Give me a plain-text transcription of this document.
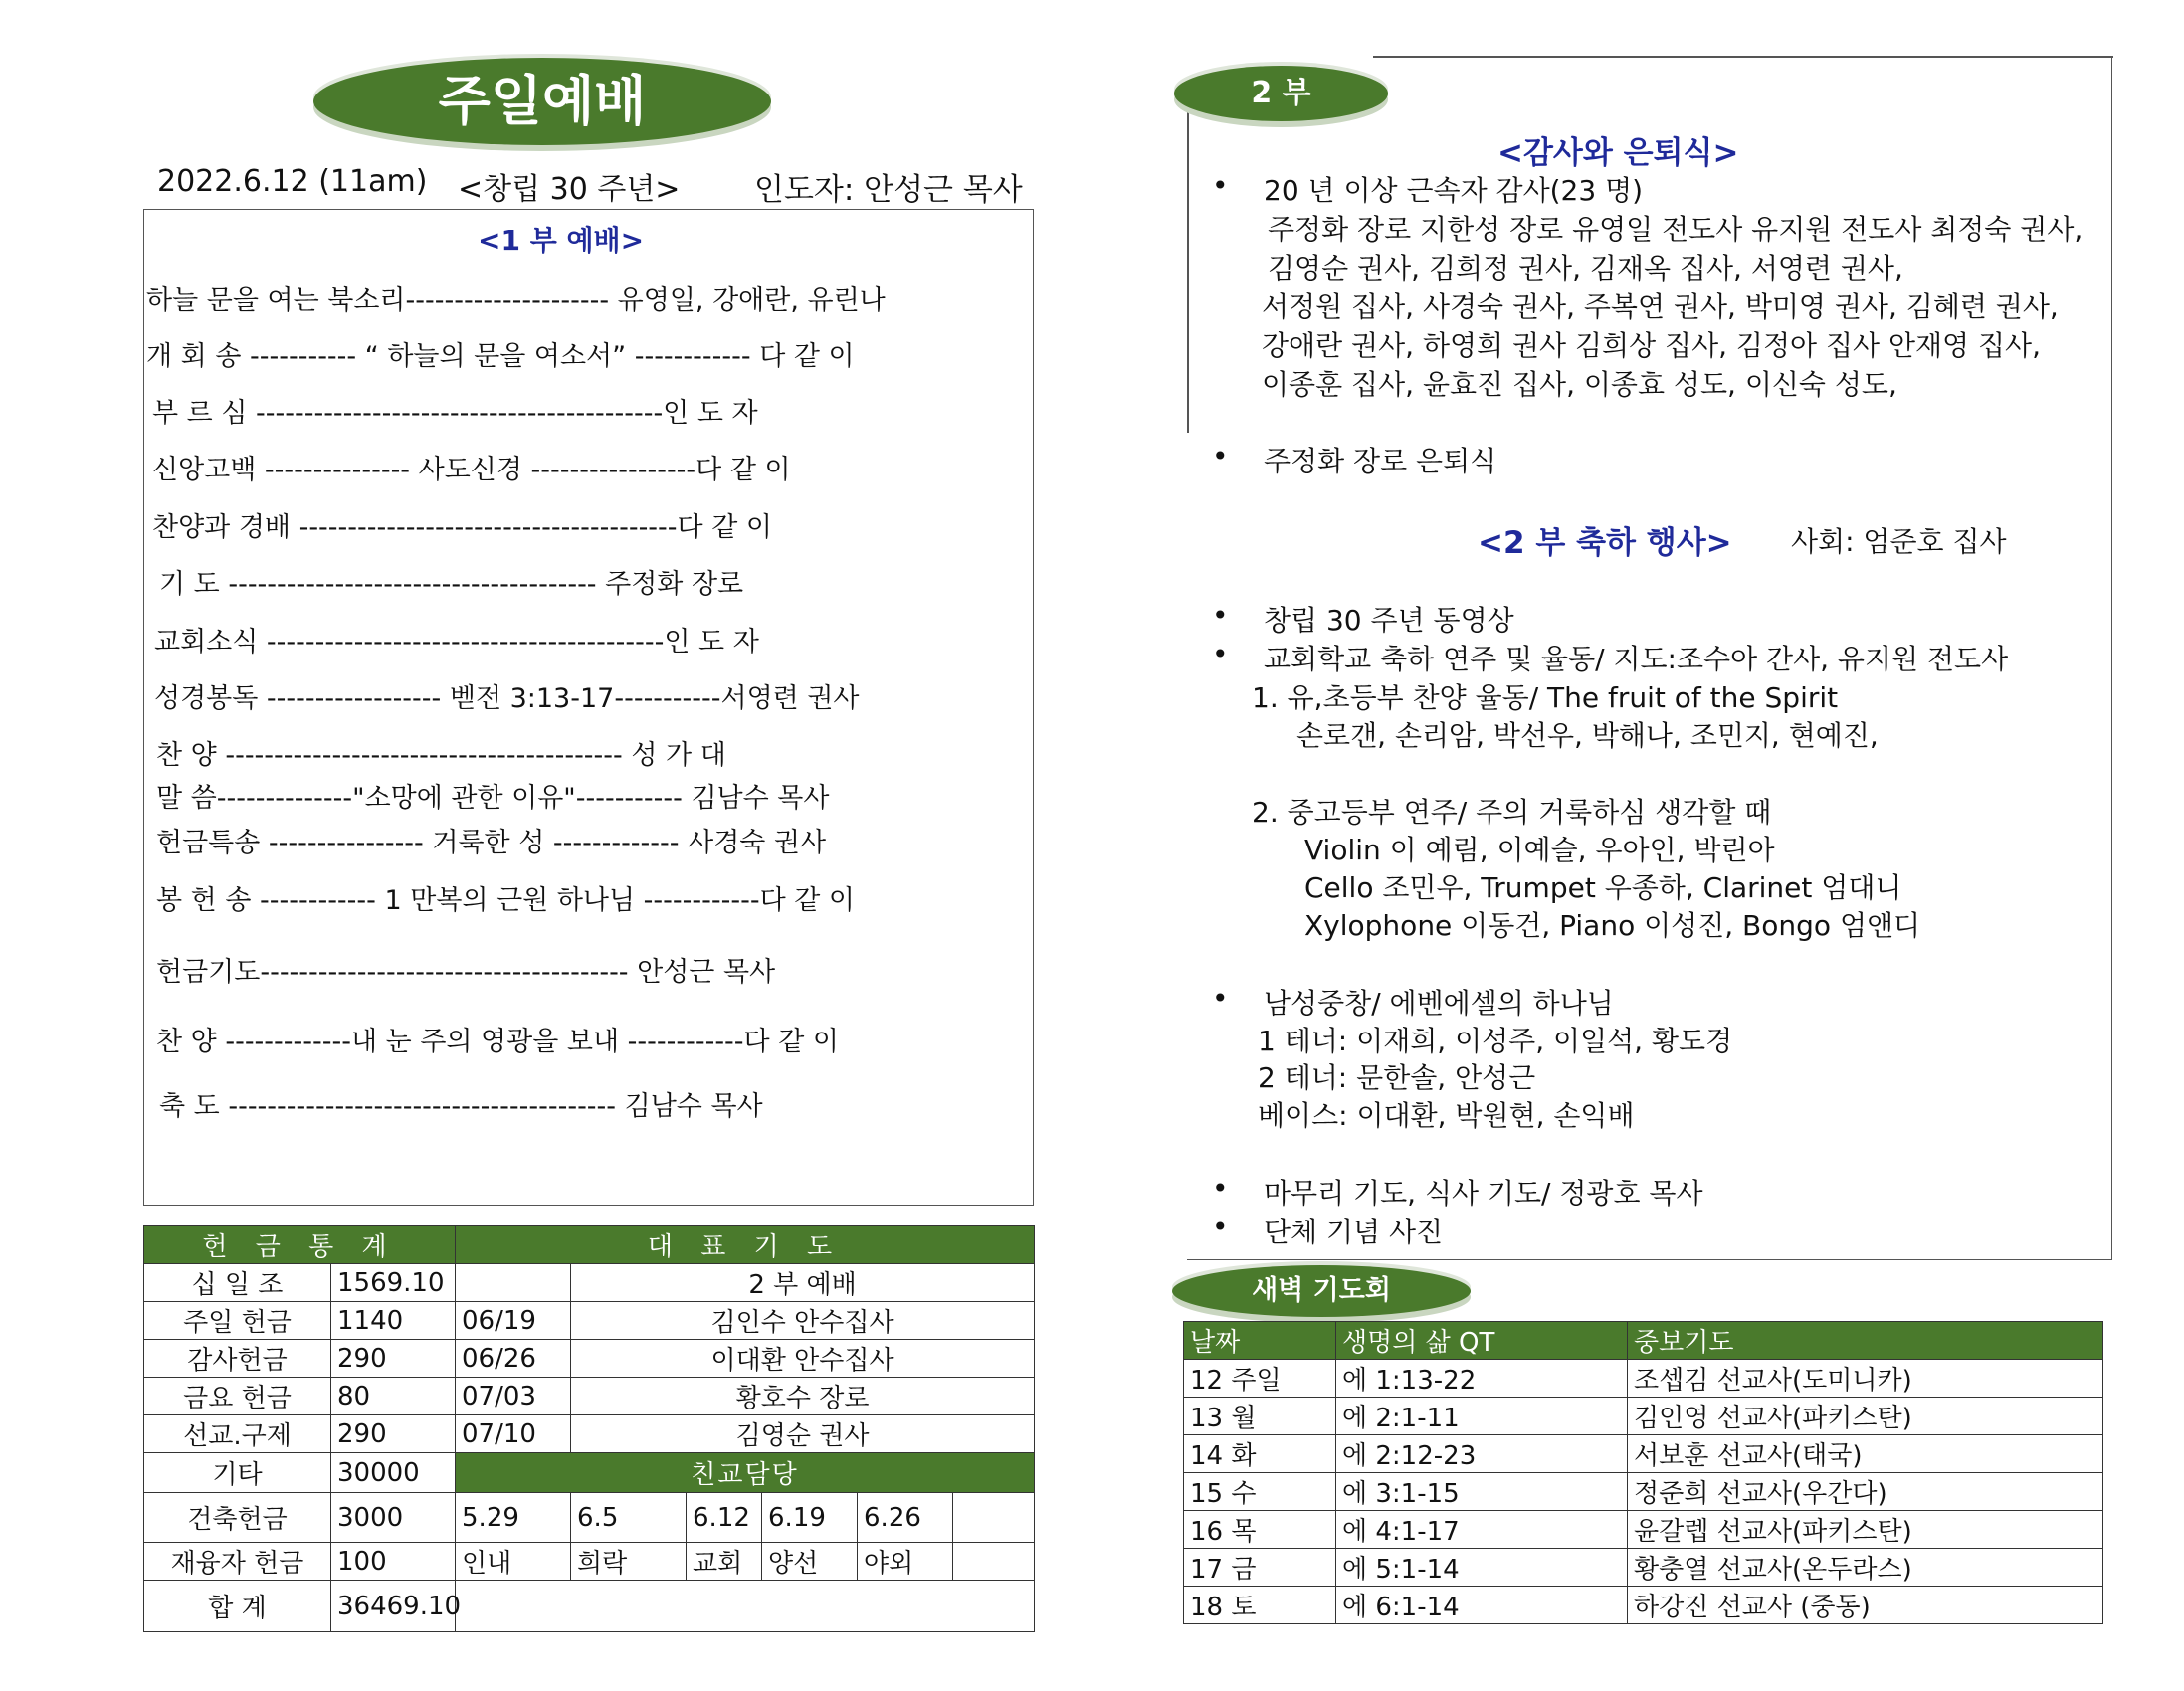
주일예배
2022.6.12 (11am) <창립 30 주년> 인도자: 안성근 목사
<1 부 예배>
하늘 문을 여는 북소리--------------------- 유영일, 강애란, 유린나
개 회 송 ----------- “ 하늘의 문을 여소서” ------------ 다 같 이
부 르 심 ------------------------------------------인 도 자
신앙고백 --------------- 사도신경 -----------------다 같 이
찬양과 경배 ---------------------------------------다 같 이
기 도 -------------------------------------- 주정화 장로
교회소식 -----------------------------------------인 도 자
성경봉독 ------------------ 벧전 3:13-17-----------서영련 권사
찬 양 ----------------------------------------- 성 가 대
말 씀--------------"소망에 관한 이유"----------- 김남수 목사
헌금특송 ---------------- 거룩한 성 ------------- 사경숙 권사
봉 헌 송 ------------ 1 만복의 근원 하나님 ------------다 같 이
헌금기도-------------------------------------- 안성근 목사
찬 양 -------------내 눈 주의 영광을 보내 ------------다 같 이
축 도 ---------------------------------------- 김남수 목사
헌 금 통 계		대 표 기 도					
십 일 조	1569.10		2 부 예배				
주일 헌금	1140	06/19	김인수 안수집사				
감사헌금	290	06/26	이대환 안수집사				
금요 헌금	80	07/03	황호수 장로				
선교.구제	290	07/10	김영순 권사				
기타	30000	친교담당					
건축헌금	3000	5.29	6.5	6.12	6.19	6.26	
재융자 헌금	100	인내	희락	교회	양선	야외	
합 계	36469.10						
2 부
<감사와 은퇴식>
• 20 년 이상 근속자 감사(23 명)
주정화 장로 지한성 장로 유영일 전도사 유지원 전도사 최정숙 권사,
김영순 권사, 김희정 권사, 김재옥 집사, 서영련 권사,
서정원 집사, 사경숙 권사, 주복연 권사, 박미영 권사, 김혜련 권사,
강애란 권사, 하영희 권사 김희상 집사, 김정아 집사 안재영 집사,
이종훈 집사, 윤효진 집사, 이종효 성도, 이신숙 성도,
• 주정화 장로 은퇴식
<2 부 축하 행사> 사회: 엄준호 집사
• 창립 30 주년 동영상
• 교회학교 축하 연주 및 율동/ 지도:조수아 간사, 유지원 전도사
1. 유,초등부 찬양 율동/ The fruit of the Spirit
손로갠, 손리암, 박선우, 박해나, 조민지, 현예진,
2. 중고등부 연주/ 주의 거룩하심 생각할 때
Violin 이 예림, 이예슬, 우아인, 박린아
Cello 조민우, Trumpet 우종하, Clarinet 엄대니
Xylophone 이동건, Piano 이성진, Bongo 엄앤디
• 남성중창/ 에벤에셀의 하나님
1 테너: 이재희, 이성주, 이일석, 황도경
2 테너: 문한솔, 안성근
베이스: 이대환, 박원현, 손익배
• 마무리 기도, 식사 기도/ 정광호 목사
• 단체 기념 사진
새벽 기도회
날짜	생명의 삶 QT	중보기도
12 주일	에 1:13-22	조셉김 선교사(도미니카)
13 월	에 2:1-11	김인영 선교사(파키스탄)
14 화	에 2:12-23	서보훈 선교사(태국)
15 수	에 3:1-15	정준희 선교사(우간다)
16 목	에 4:1-17	윤갈렙 선교사(파키스탄)
17 금	에 5:1-14	황충열 선교사(온두라스)
18 토	에 6:1-14	하강진 선교사 (중동)
